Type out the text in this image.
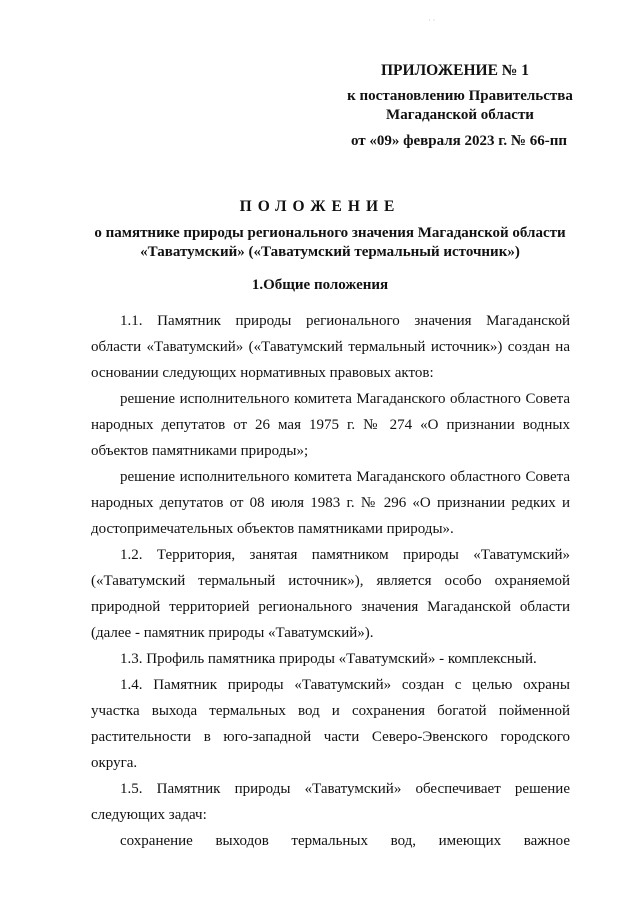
˙ ˙
ПРИЛОЖЕНИЕ № 1
к постановлению Правительства
Магаданской области
от «09» февраля 2023 г. № 66-пп
ПОЛОЖЕНИЕ
о памятнике природы регионального значения Магаданской области
«Таватумский» («Таватумский термальный источник»)
1.Общие положения
1.1. Памятник природы регионального значения Магаданской
области «Таватумский» («Таватумский термальный источник») создан на
основании следующих нормативных правовых актов:
решение исполнительного комитета Магаданского областного Совета
народных депутатов от 26 мая 1975 г. № 274 «О признании водных
объектов памятниками природы»;
решение исполнительного комитета Магаданского областного Совета
народных депутатов от 08 июля 1983 г. № 296 «О признании редких и
достопримечательных объектов памятниками природы».
1.2. Территория, занятая памятником природы «Таватумский»
(«Таватумский термальный источник»), является особо охраняемой
природной территорией регионального значения Магаданской области
(далее - памятник природы «Таватумский»).
1.3. Профиль памятника природы «Таватумский» - комплексный.
1.4. Памятник природы «Таватумский» создан с целью охраны
участка выхода термальных вод и сохранения богатой пойменной
растительности в юго-западной части Северо-Эвенского городского
округа.
1.5. Памятник природы «Таватумский» обеспечивает решение
следующих задач:
сохранение выходов термальных вод, имеющих важное
